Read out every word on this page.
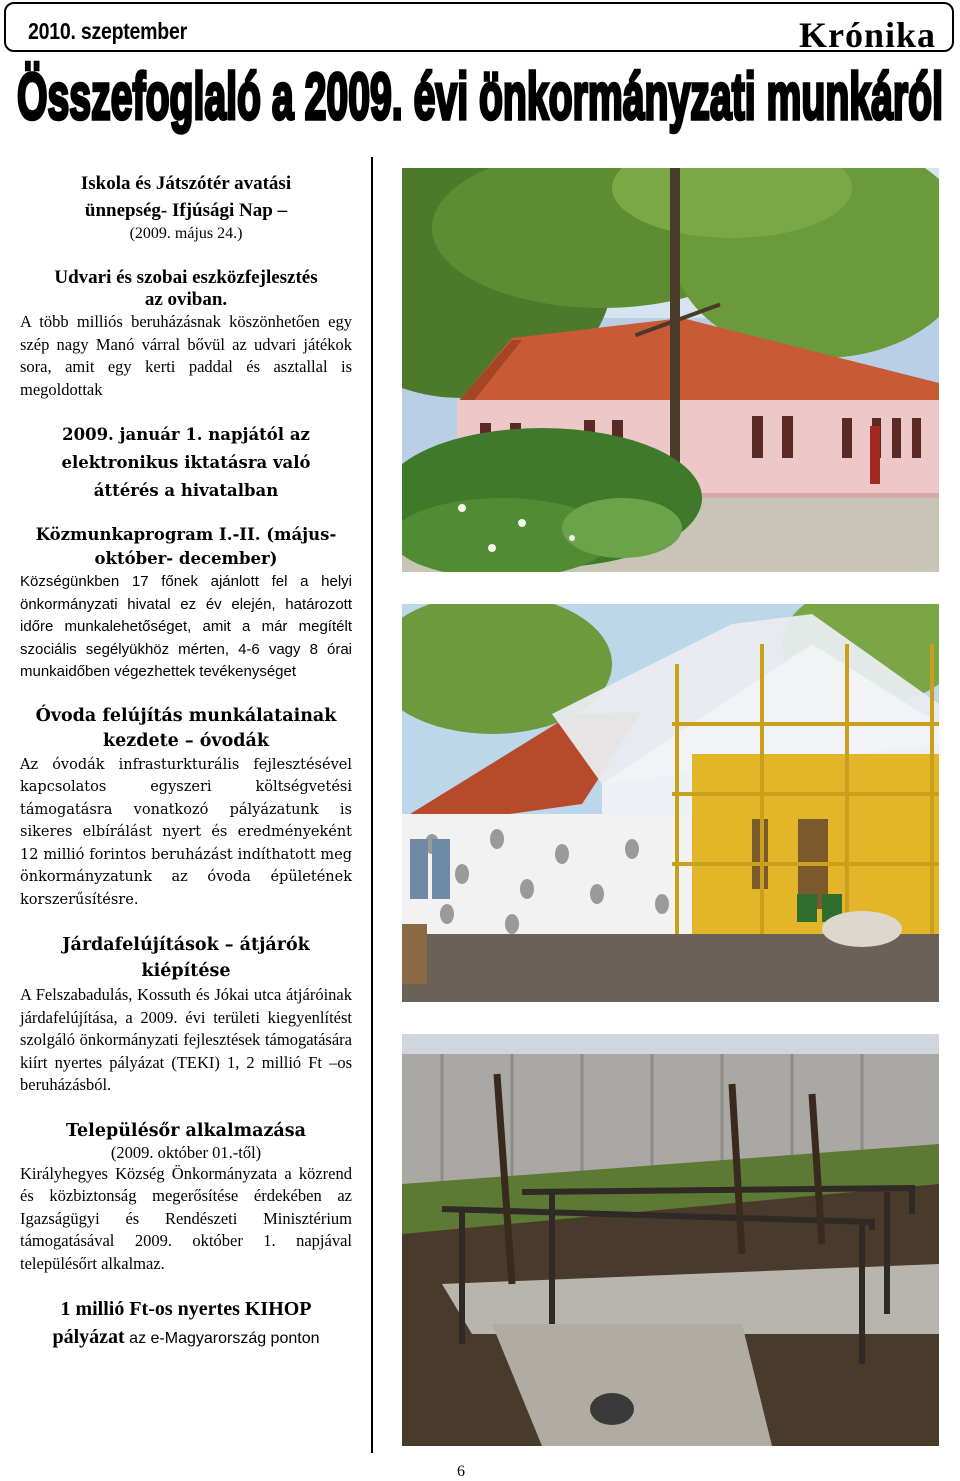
2010. szeptember	Krónika
Összefoglaló a 2009. évi önkormányzati munkáról
Iskola és Játszótér avatási
ünnepség- Ifjúsági Nap –
(2009. május 24.)
Udvari és szobai eszközfejlesztés
az oviban.

A több milliós beruházásnak köszönhetően egy szép nagy Manó várral bővül az udvari játékok sora, amit egy kerti paddal és asztallal is megoldottak

2009. január 1. napjától az
elektronikus iktatásra való
áttérés a hivatalban
Közmunkaprogram I.-II. (május-
október- december)

Községünkben 17 főnek ajánlott fel a helyi önkormányzati hivatal ez év elején, határozott időre munkalehetőséget, amit a már megítélt szociális segélyükhöz mérten, 4-6 vagy 8 órai munkaidőben végezhettek tevékenységet

Óvoda felújítás munkálatainak
kezdete – óvodák

Az óvodák infrasturkturális fejlesztésével kapcsolatos egyszeri költségvetési támogatásra vonatkozó pályázatunk is sikeres elbírálást nyert és eredményeként 12 millió forintos beruházást indíthatott meg önkormányzatunk az óvoda épületének korszerűsítésre.

Járdafelújítások – átjárók
kiépítése

A Felszabadulás, Kossuth és Jókai utca átjáróinak járdafelújítása, a 2009. évi területi kiegyenlítést szolgáló önkormányzati fejlesztések támogatására kiírt nyertes pályázat (TEKI) 1, 2 millió Ft –os beruházásból.

Településőr alkalmazása
(2009. október 01.-től)

Királyhegyes Község Önkormányzata a közrend és közbiztonság megerősítése érdekében az Igazságügyi és Rendészeti Minisztérium támogatásával 2009. október 1. napjával településőrt alkalmaz.

1 millió Ft-os nyertes KIHOP
pályázat az e-Magyarország ponton
6
